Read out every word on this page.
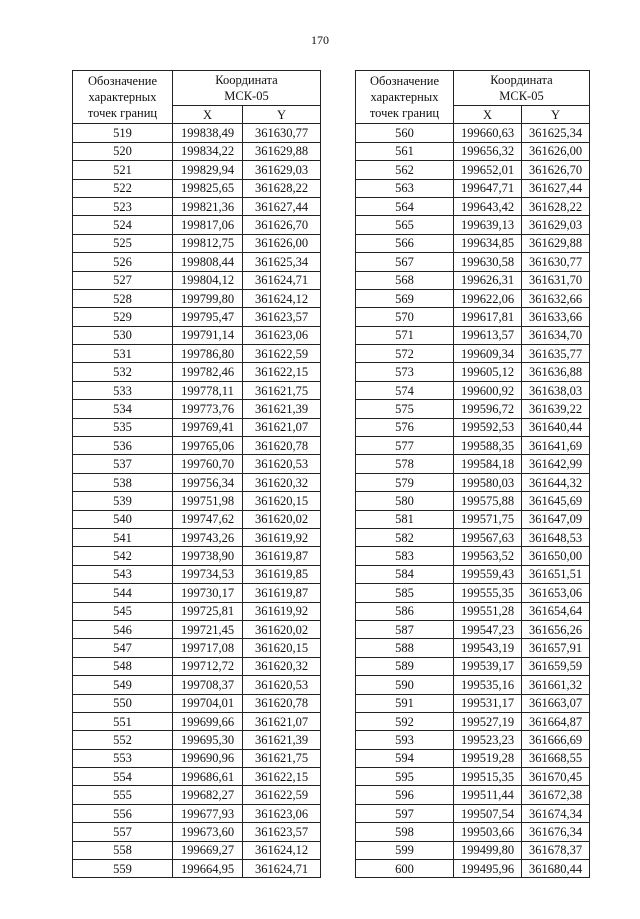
170
Обозначение
характерных
точек границ	Координата
МСК-05	
	X	Y
519	199838,49	361630,77
520	199834,22	361629,88
521	199829,94	361629,03
522	199825,65	361628,22
523	199821,36	361627,44
524	199817,06	361626,70
525	199812,75	361626,00
526	199808,44	361625,34
527	199804,12	361624,71
528	199799,80	361624,12
529	199795,47	361623,57
530	199791,14	361623,06
531	199786,80	361622,59
532	199782,46	361622,15
533	199778,11	361621,75
534	199773,76	361621,39
535	199769,41	361621,07
536	199765,06	361620,78
537	199760,70	361620,53
538	199756,34	361620,32
539	199751,98	361620,15
540	199747,62	361620,02
541	199743,26	361619,92
542	199738,90	361619,87
543	199734,53	361619,85
544	199730,17	361619,87
545	199725,81	361619,92
546	199721,45	361620,02
547	199717,08	361620,15
548	199712,72	361620,32
549	199708,37	361620,53
550	199704,01	361620,78
551	199699,66	361621,07
552	199695,30	361621,39
553	199690,96	361621,75
554	199686,61	361622,15
555	199682,27	361622,59
556	199677,93	361623,06
557	199673,60	361623,57
558	199669,27	361624,12
559	199664,95	361624,71
Обозначение
характерных
точек границ	Координата
МСК-05	
	X	Y
560	199660,63	361625,34
561	199656,32	361626,00
562	199652,01	361626,70
563	199647,71	361627,44
564	199643,42	361628,22
565	199639,13	361629,03
566	199634,85	361629,88
567	199630,58	361630,77
568	199626,31	361631,70
569	199622,06	361632,66
570	199617,81	361633,66
571	199613,57	361634,70
572	199609,34	361635,77
573	199605,12	361636,88
574	199600,92	361638,03
575	199596,72	361639,22
576	199592,53	361640,44
577	199588,35	361641,69
578	199584,18	361642,99
579	199580,03	361644,32
580	199575,88	361645,69
581	199571,75	361647,09
582	199567,63	361648,53
583	199563,52	361650,00
584	199559,43	361651,51
585	199555,35	361653,06
586	199551,28	361654,64
587	199547,23	361656,26
588	199543,19	361657,91
589	199539,17	361659,59
590	199535,16	361661,32
591	199531,17	361663,07
592	199527,19	361664,87
593	199523,23	361666,69
594	199519,28	361668,55
595	199515,35	361670,45
596	199511,44	361672,38
597	199507,54	361674,34
598	199503,66	361676,34
599	199499,80	361678,37
600	199495,96	361680,44
